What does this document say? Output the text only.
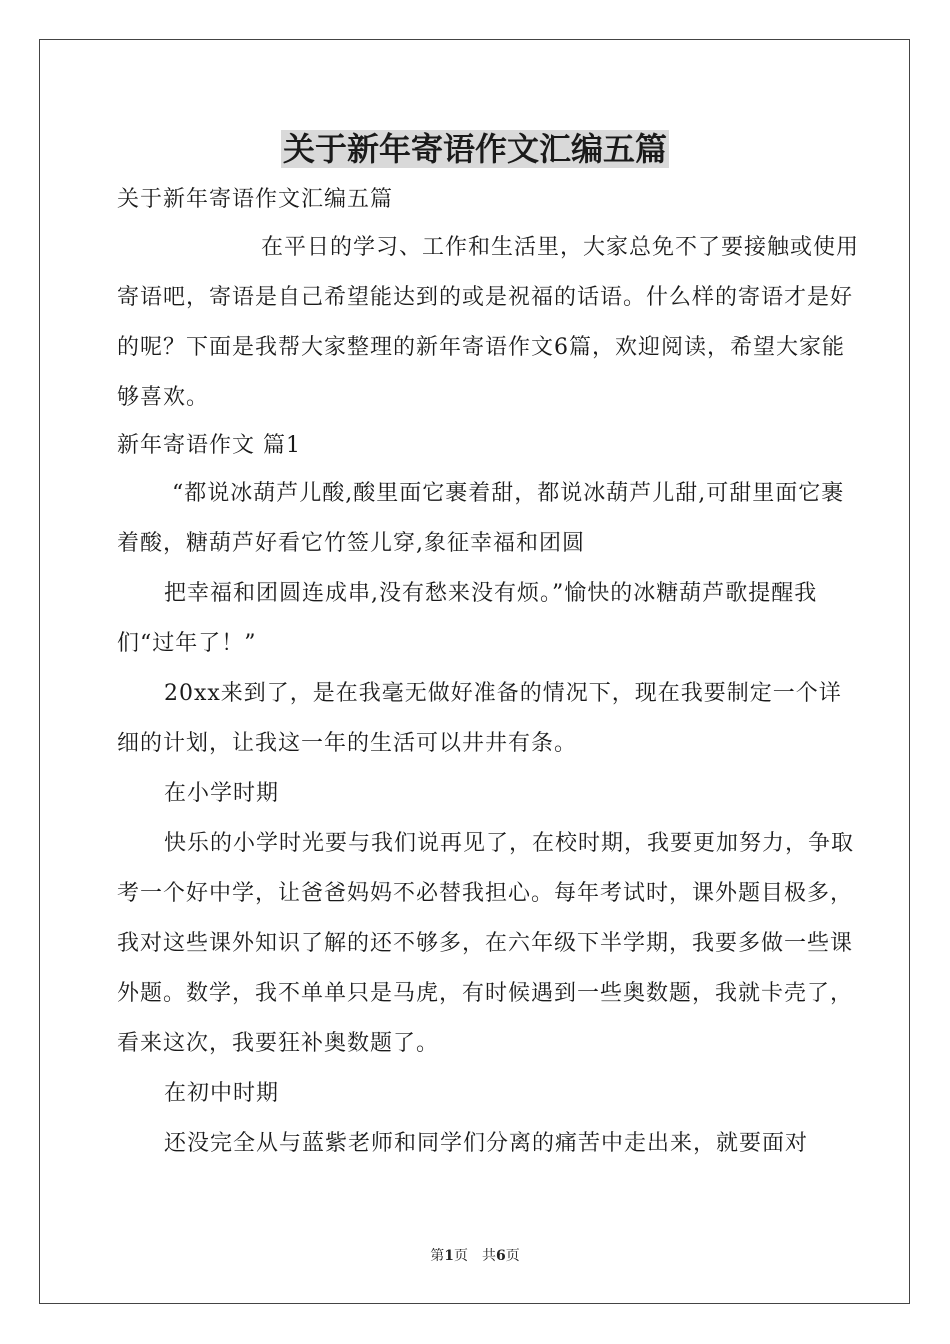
关于新年寄语作文汇编五篇

关于新年寄语作文汇编五篇

在平日的学习、工作和生活里，大家总免不了要接触或使用寄语吧，寄语是自己希望能达到的或是祝福的话语。什么样的寄语才是好的呢？下面是我帮大家整理的新年寄语作文6篇，欢迎阅读，希望大家能够喜欢。

新年寄语作文 篇1

“都说冰葫芦儿酸,酸里面它裹着甜，都说冰葫芦儿甜,可甜里面它裹着酸，糖葫芦好看它竹签儿穿,象征幸福和团圆

把幸福和团圆连成串,没有愁来没有烦。”愉快的冰糖葫芦歌提醒我们“过年了！”

20xx来到了，是在我毫无做好准备的情况下，现在我要制定一个详细的计划，让我这一年的生活可以井井有条。

在小学时期

快乐的小学时光要与我们说再见了，在校时期，我要更加努力，争取考一个好中学，让爸爸妈妈不必替我担心。每年考试时，课外题目极多，我对这些课外知识了解的还不够多，在六年级下半学期，我要多做一些课外题。数学，我不单单只是马虎，有时候遇到一些奥数题，我就卡壳了，看来这次，我要狂补奥数题了。

在初中时期

还没完全从与蓝紫老师和同学们分离的痛苦中走出来，就要面对

第1页　共6页
